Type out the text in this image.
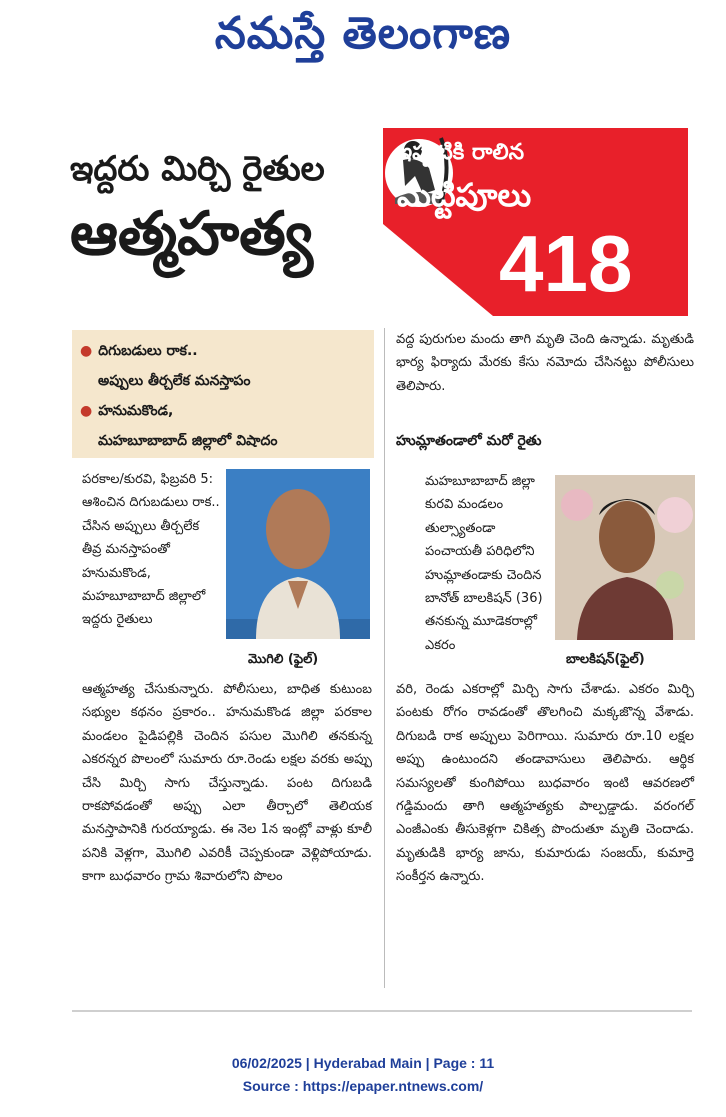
నమస్తే తెలంగాణ
ఇద్దరు మిర్చి రైతుల
ఆత్మహత్య
ఇప్పటికి రాలిన
మట్టిపూలు
418
● దిగుబడులు రాక..
అప్పులు తీర్చలేక మనస్తాపం
● హనుమకొండ,
మహబూబాబాద్ జిల్లాలో విషాదం
పరకాల/కురవి, ఫిబ్రవరి 5: ఆశించిన దిగుబడులు రాక.. చేసిన అప్పులు తీర్చలేక తీవ్ర మనస్తాపంతో హనుమకొండ, మహబూబాబాద్ జిల్లాలో ఇద్దరు రైతులు
మొగిలి (ఫైల్)
ఆత్మహత్య చేసుకున్నారు. పోలీసులు, బాధిత కుటుంబ సభ్యుల కథనం ప్రకారం.. హనుమకొండ జిల్లా పరకాల మండలం పైడిపల్లికి చెందిన పసుల మొగిలి తనకున్న ఎకరన్నర పొలంలో సుమారు రూ.రెండు లక్షల వరకు అప్పు చేసి మిర్చి సాగు చేస్తున్నాడు. పంట దిగుబడి రాకపోవడంతో అప్పు ఎలా తీర్చాలో తెలియక మనస్తాపానికి గురయ్యాడు. ఈ నెల 1న ఇంట్లో వాళ్లు కూలీ పనికి వెళ్లగా, మొగిలి ఎవరికీ చెప్పకుండా వెళ్లిపోయాడు. కాగా బుధవారం గ్రామ శివారులోని పొలం
వద్ద పురుగుల మందు తాగి మృతి చెంది ఉన్నాడు. మృతుడి భార్య ఫిర్యాదు మేరకు కేసు నమోదు చేసినట్టు పోలీసులు తెలిపారు.
హుమ్లాతండాలో మరో రైతు
మహబూబాబాద్ జిల్లా కురవి మండలం తుల్స్యాతండా పంచాయతీ పరిధిలోని హుమ్లాతండాకు చెందిన బానోత్ బాలకిషన్ (36) తనకున్న మూడెకరాల్లో ఎకరం
బాలకిషన్(ఫైల్)
వరి, రెండు ఎకరాల్లో మిర్చి సాగు చేశాడు. ఎకరం మిర్చి పంటకు రోగం రావడంతో తొలగించి మక్కజొన్న వేశాడు. దిగుబడి రాక అప్పులు పెరిగాయి. సుమారు రూ.10 లక్షల అప్పు ఉంటుందని తండావాసులు తెలిపారు. ఆర్థిక సమస్యలతో కుంగిపోయి బుధవారం ఇంటి ఆవరణలో గడ్డిమందు తాగి ఆత్మహత్యకు పాల్పడ్డాడు. వరంగల్ ఎంజీఎంకు తీసుకెళ్లగా చికిత్స పొందుతూ మృతి చెందాడు. మృతుడికి భార్య జాను, కుమారుడు సంజయ్, కుమార్తె సంకీర్తన ఉన్నారు.
06/02/2025 | Hyderabad Main | Page : 11
Source : https://epaper.ntnews.com/
